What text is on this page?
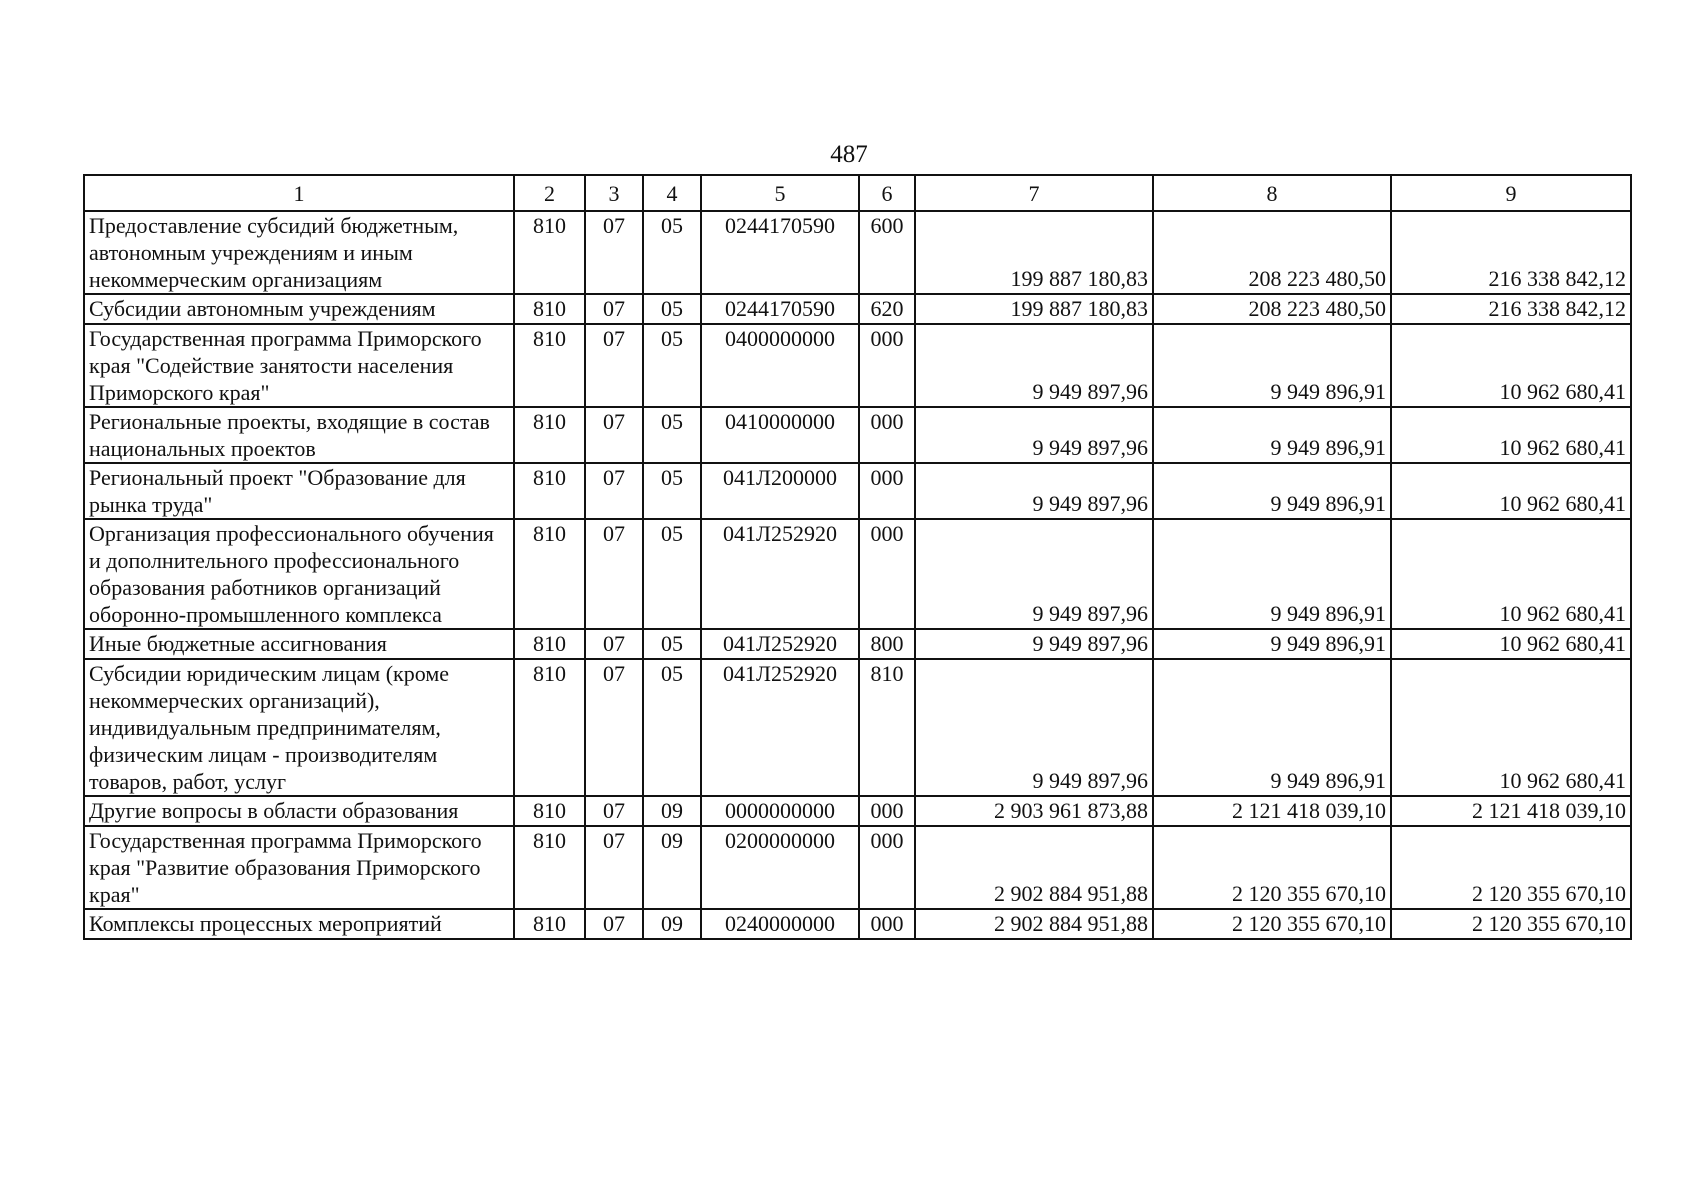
487
1	2	3	4	5	6	7	8	9
Предоставление субсидий бюджетным, автономным учреждениям и иным некоммерческим организациям	810	07	05	0244170590	600	199 887 180,83	208 223 480,50	216 338 842,12
Субсидии автономным учреждениям	810	07	05	0244170590	620	199 887 180,83	208 223 480,50	216 338 842,12
Государственная программа Приморского края "Содействие занятости населения Приморского края"	810	07	05	0400000000	000	9 949 897,96	9 949 896,91	10 962 680,41
Региональные проекты, входящие в состав национальных проектов	810	07	05	0410000000	000	9 949 897,96	9 949 896,91	10 962 680,41
Региональный проект "Образование для рынка труда"	810	07	05	041Л200000	000	9 949 897,96	9 949 896,91	10 962 680,41
Организация профессионального обучения и дополнительного профессионального образования работников организаций оборонно-промышленного комплекса	810	07	05	041Л252920	000	9 949 897,96	9 949 896,91	10 962 680,41
Иные бюджетные ассигнования	810	07	05	041Л252920	800	9 949 897,96	9 949 896,91	10 962 680,41
Субсидии юридическим лицам (кроме некоммерческих организаций), индивидуальным предпринимателям, физическим лицам - производителям товаров, работ, услуг	810	07	05	041Л252920	810	9 949 897,96	9 949 896,91	10 962 680,41
Другие вопросы в области образования	810	07	09	0000000000	000	2 903 961 873,88	2 121 418 039,10	2 121 418 039,10
Государственная программа Приморского края "Развитие образования Приморского края"	810	07	09	0200000000	000	2 902 884 951,88	2 120 355 670,10	2 120 355 670,10
Комплексы процессных мероприятий	810	07	09	0240000000	000	2 902 884 951,88	2 120 355 670,10	2 120 355 670,10
